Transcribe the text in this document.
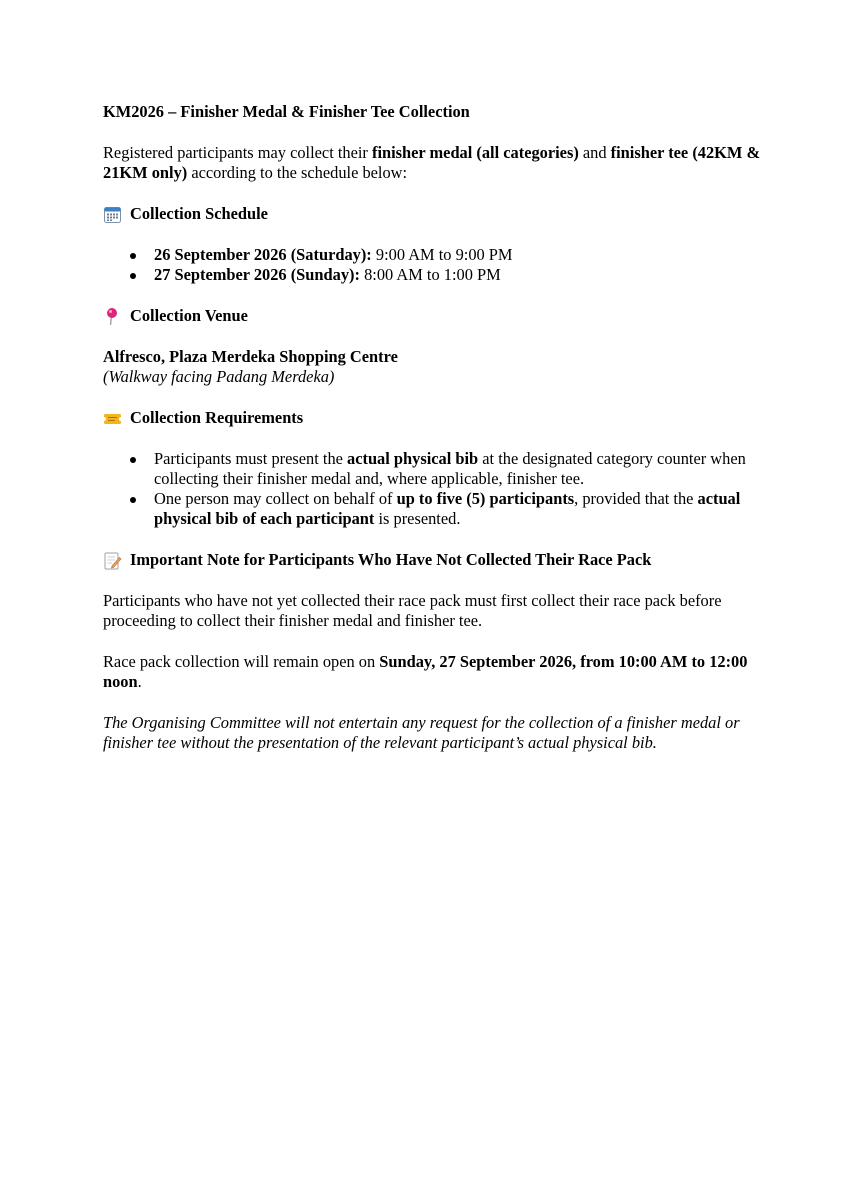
KM2026 – Finisher Medal & Finisher Tee Collection

Registered participants may collect their finisher medal (all categories) and finisher tee (42KM & 21KM only) according to the schedule below:

Collection Schedule
26 September 2026 (Saturday): 9:00 AM to 9:00 PM
27 September 2026 (Sunday): 8:00 AM to 1:00 PM
Collection Venue

Alfresco, Plaza Merdeka Shopping Centre

(Walkway facing Padang Merdeka)

Collection Requirements
Participants must present the actual physical bib at the designated category counter when collecting their finisher medal and, where applicable, finisher tee.
One person may collect on behalf of up to five (5) participants, provided that the actual physical bib of each participant is presented.
Important Note for Participants Who Have Not Collected Their Race Pack

Participants who have not yet collected their race pack must first collect their race pack before proceeding to collect their finisher medal and finisher tee.

Race pack collection will remain open on Sunday, 27 September 2026, from 10:00 AM to 12:00 noon.

The Organising Committee will not entertain any request for the collection of a finisher medal or finisher tee without the presentation of the relevant participant’s actual physical bib.
